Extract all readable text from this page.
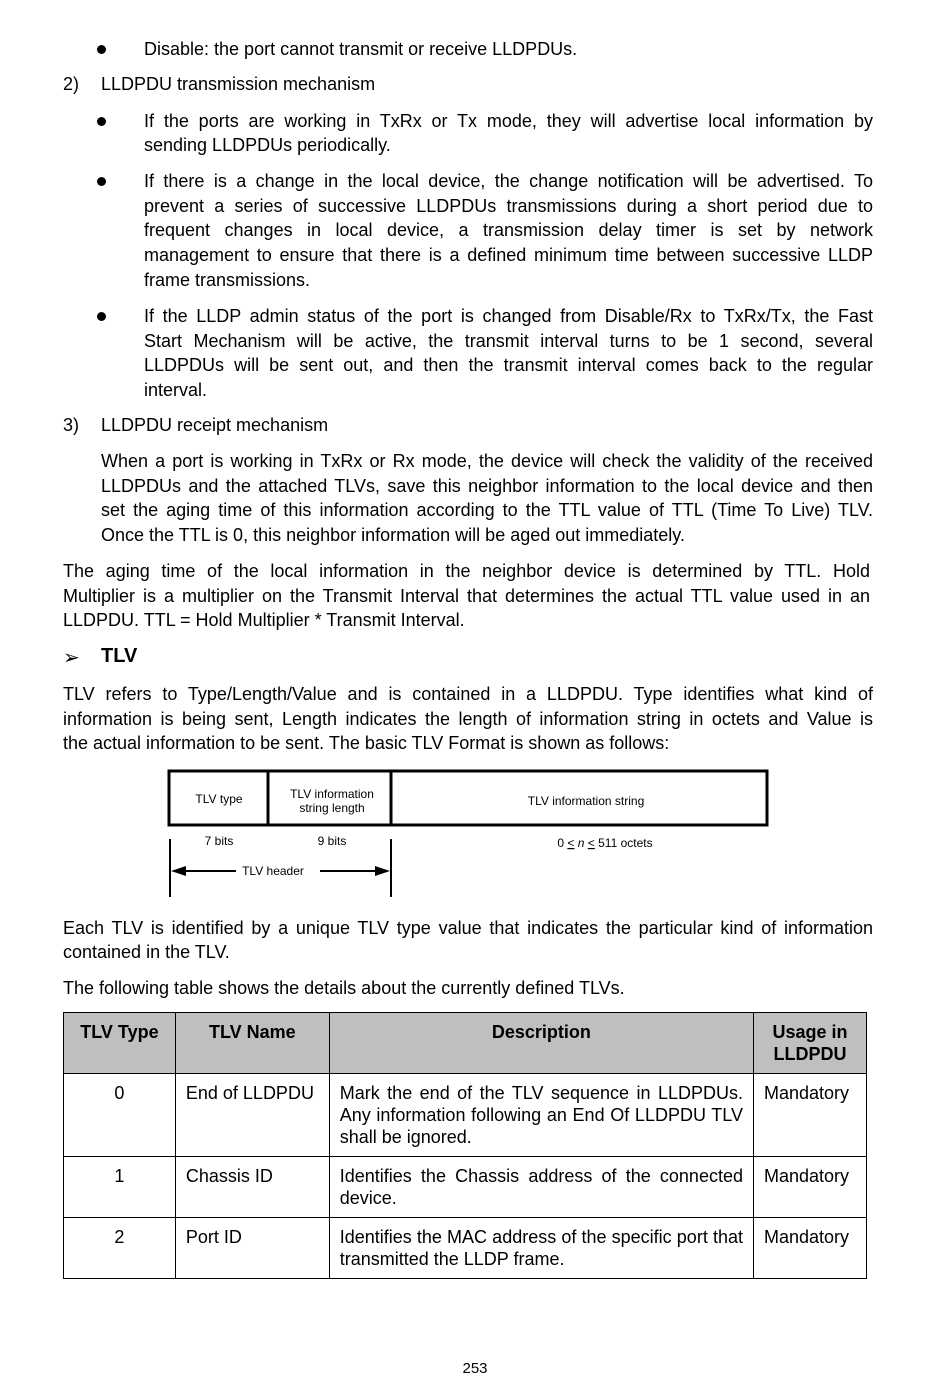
Disable: the port cannot transmit or receive LLDPDUs.
2) LLDPDU transmission mechanism
If the ports are working in TxRx or Tx mode, they will advertise local information by
sending LLDPDUs periodically.
If there is a change in the local device, the change notification will be advertised. To
prevent a series of successive LLDPDUs transmissions during a short period due to
frequent changes in local device, a transmission delay timer is set by network
management to ensure that there is a defined minimum time between successive LLDP
frame transmissions.
If the LLDP admin status of the port is changed from Disable/Rx to TxRx/Tx, the Fast
Start Mechanism will be active, the transmit interval turns to be 1 second, several
LLDPDUs will be sent out, and then the transmit interval comes back to the regular
interval.
3) LLDPDU receipt mechanism
When a port is working in TxRx or Rx mode, the device will check the validity of the received
LLDPDUs and the attached TLVs, save this neighbor information to the local device and then
set the aging time of this information according to the TTL value of TTL (Time To Live) TLV.
Once the TTL is 0, this neighbor information will be aged out immediately.
The aging time of the local information in the neighbor device is determined by TTL. Hold
Multiplier is a multiplier on the Transmit Interval that determines the actual TTL value used in an
LLDPDU. TTL = Hold Multiplier * Transmit Interval.
➢ TLV
TLV refers to Type/Length/Value and is contained in a LLDPDU. Type identifies what kind of
information is being sent, Length indicates the length of information string in octets and Value is
the actual information to be sent. The basic TLV Format is shown as follows:
TLV type	TLV information
string length	TLV information string
7 bits	9 bits	0 < n < 511 octets
TLV header
Each TLV is identified by a unique TLV type value that indicates the particular kind of information
contained in the TLV.
The following table shows the details about the currently defined TLVs.
TLV Type	TLV Name	Description	Usage in LLDPDU
0	End of LLDPDU	Mark the end of the TLV sequence in LLDPDUs. Any information following an End Of LLDPDU TLV shall be ignored.	Mandatory
1	Chassis ID	Identifies the Chassis address of the connected device.	Mandatory
2	Port ID	Identifies the MAC address of the specific port that transmitted the LLDP frame.	Mandatory
253
